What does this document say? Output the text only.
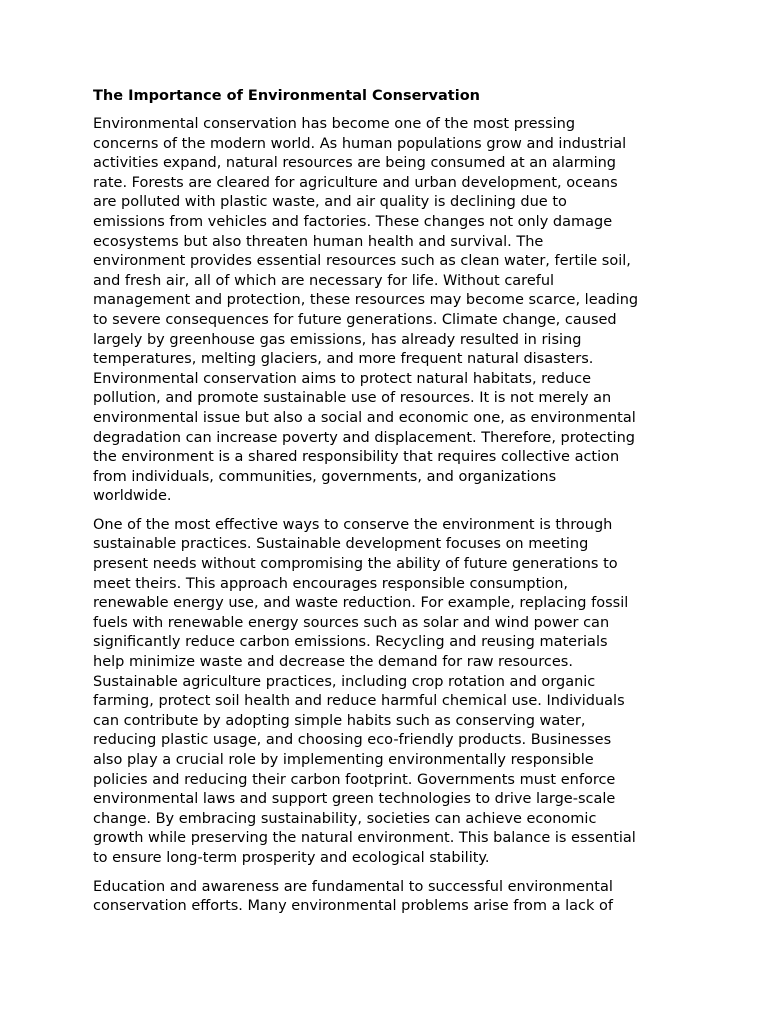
The Importance of Environmental Conservation
Environmental conservation has become one of the most pressing
concerns of the modern world. As human populations grow and industrial
activities expand, natural resources are being consumed at an alarming
rate. Forests are cleared for agriculture and urban development, oceans
are polluted with plastic waste, and air quality is declining due to
emissions from vehicles and factories. These changes not only damage
ecosystems but also threaten human health and survival. The
environment provides essential resources such as clean water, fertile soil,
and fresh air, all of which are necessary for life. Without careful
management and protection, these resources may become scarce, leading
to severe consequences for future generations. Climate change, caused
largely by greenhouse gas emissions, has already resulted in rising
temperatures, melting glaciers, and more frequent natural disasters.
Environmental conservation aims to protect natural habitats, reduce
pollution, and promote sustainable use of resources. It is not merely an
environmental issue but also a social and economic one, as environmental
degradation can increase poverty and displacement. Therefore, protecting
the environment is a shared responsibility that requires collective action
from individuals, communities, governments, and organizations
worldwide.
One of the most effective ways to conserve the environment is through
sustainable practices. Sustainable development focuses on meeting
present needs without compromising the ability of future generations to
meet theirs. This approach encourages responsible consumption,
renewable energy use, and waste reduction. For example, replacing fossil
fuels with renewable energy sources such as solar and wind power can
significantly reduce carbon emissions. Recycling and reusing materials
help minimize waste and decrease the demand for raw resources.
Sustainable agriculture practices, including crop rotation and organic
farming, protect soil health and reduce harmful chemical use. Individuals
can contribute by adopting simple habits such as conserving water,
reducing plastic usage, and choosing eco-friendly products. Businesses
also play a crucial role by implementing environmentally responsible
policies and reducing their carbon footprint. Governments must enforce
environmental laws and support green technologies to drive large-scale
change. By embracing sustainability, societies can achieve economic
growth while preserving the natural environment. This balance is essential
to ensure long-term prosperity and ecological stability.
Education and awareness are fundamental to successful environmental
conservation efforts. Many environmental problems arise from a lack of
